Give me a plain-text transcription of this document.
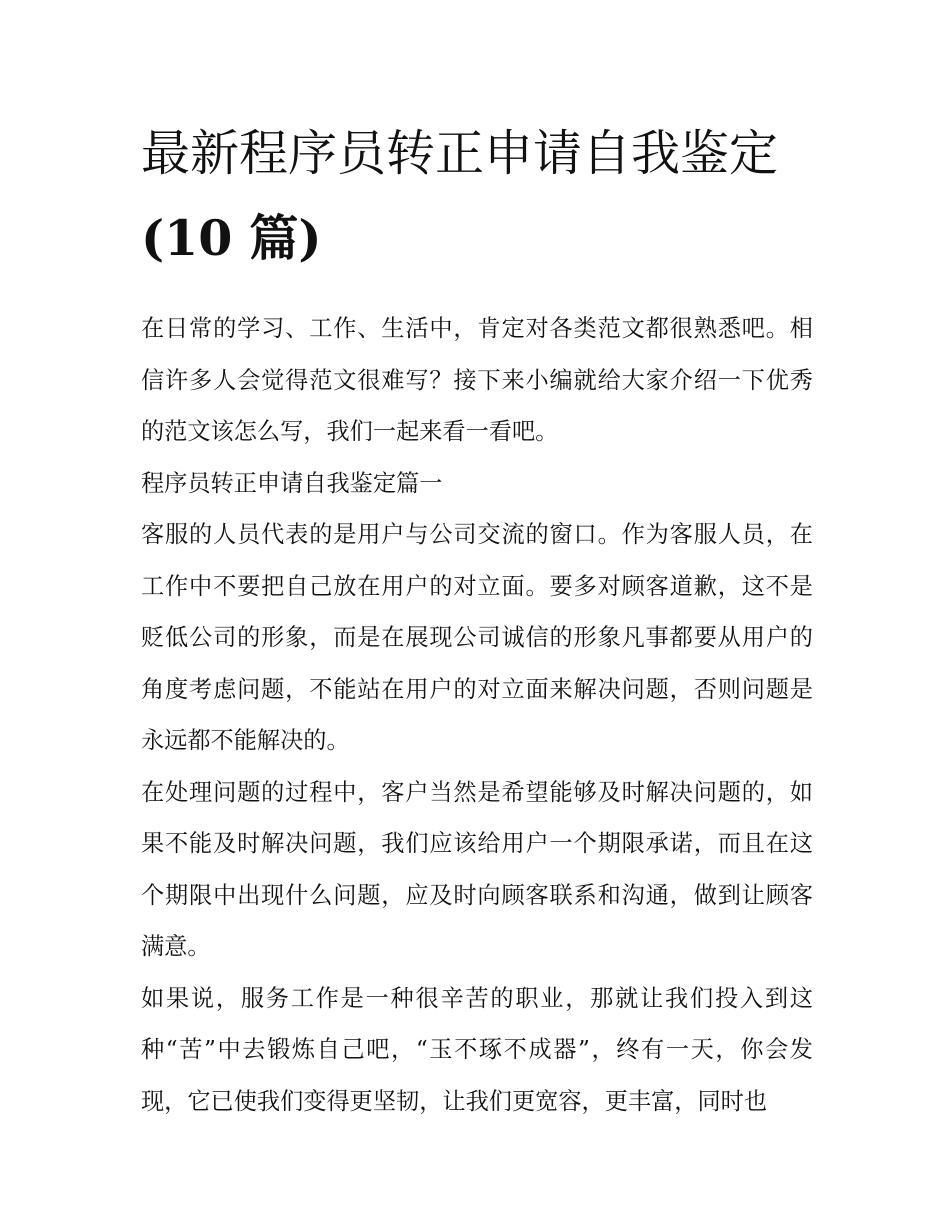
最新程序员转正申请自我鉴定
(10 篇)

在日常的学习、工作、生活中，肯定对各类范文都很熟悉吧。相信许多人会觉得范文很难写？接下来小编就给大家介绍一下优秀的范文该怎么写，我们一起来看一看吧。

程序员转正申请自我鉴定篇一

客服的人员代表的是用户与公司交流的窗口。作为客服人员，在工作中不要把自己放在用户的对立面。要多对顾客道歉，这不是贬低公司的形象，而是在展现公司诚信的形象凡事都要从用户的角度考虑问题，不能站在用户的对立面来解决问题，否则问题是永远都不能解决的。

在处理问题的过程中，客户当然是希望能够及时解决问题的，如果不能及时解决问题，我们应该给用户一个期限承诺，而且在这个期限中出现什么问题，应及时向顾客联系和沟通，做到让顾客满意。

如果说，服务工作是一种很辛苦的职业，那就让我们投入到这种“苦”中去锻炼自己吧，“玉不琢不成器”，终有一天，你会发现，它已使我们变得更坚韧，让我们更宽容，更丰富，同时也
